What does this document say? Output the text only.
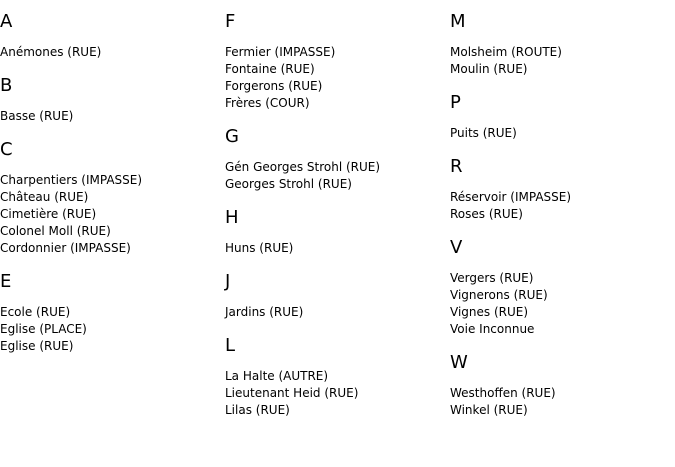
A
Anémones (RUE)
B
Basse (RUE)
C
Charpentiers (IMPASSE)
Château (RUE)
Cimetière (RUE)
Colonel Moll (RUE)
Cordonnier (IMPASSE)
E
Ecole (RUE)
Eglise (PLACE)
Eglise (RUE)
F
Fermier (IMPASSE)
Fontaine (RUE)
Forgerons (RUE)
Frères (COUR)
G
Gén Georges Strohl (RUE)
Georges Strohl (RUE)
H
Huns (RUE)
J
Jardins (RUE)
L
La Halte (AUTRE)
Lieutenant Heid (RUE)
Lilas (RUE)
M
Molsheim (ROUTE)
Moulin (RUE)
P
Puits (RUE)
R
Réservoir (IMPASSE)
Roses (RUE)
V
Vergers (RUE)
Vignerons (RUE)
Vignes (RUE)
Voie Inconnue
W
Westhoffen (RUE)
Winkel (RUE)
